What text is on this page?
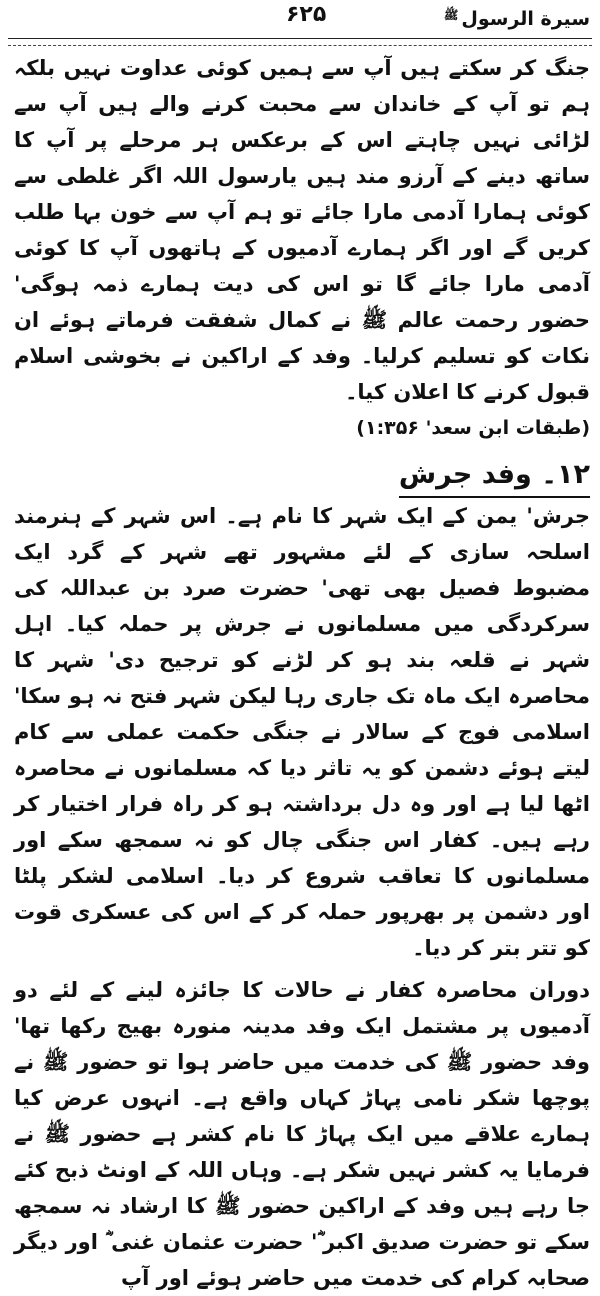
سیرة الرسول
ﷺ
۶۲۵

جنگ کر سکتے ہیں آپ سے ہمیں کوئی عداوت نہیں بلکہ ہم تو آپ کے خاندان سے محبت کرنے والے ہیں آپ سے لڑائی نہیں چاہتے اس کے برعکس ہر مرحلے پر آپ کا ساتھ دینے کے آرزو مند ہیں یارسول اللہ اگر غلطی سے کوئی ہمارا آدمی مارا جائے تو ہم آپ سے خون بہا طلب کریں گے اور اگر ہمارے آدمیوں کے ہاتھوں آپ کا کوئی آدمی مارا جائے گا تو اس کی دیت ہمارے ذمہ ہوگی' حضور رحمت عالم ﷺ نے کمال شفقت فرماتے ہوئے ان نکات کو تسلیم کرلیا۔ وفد کے اراکین نے بخوشی اسلام قبول کرنے کا اعلان کیا۔

(طبقات ابن سعد' ۱:۳۵۶)

۱۲۔ وفد جرش

جرش' یمن کے ایک شہر کا نام ہے۔ اس شہر کے ہنرمند اسلحہ سازی کے لئے مشہور تھے شہر کے گرد ایک مضبوط فصیل بھی تھی' حضرت صرد بن عبداللہ کی سرکردگی میں مسلمانوں نے جرش پر حملہ کیا۔ اہل شہر نے قلعہ بند ہو کر لڑنے کو ترجیح دی' شہر کا محاصرہ ایک ماہ تک جاری رہا لیکن شہر فتح نہ ہو سکا' اسلامی فوج کے سالار نے جنگی حکمت عملی سے کام لیتے ہوئے دشمن کو یہ تاثر دیا کہ مسلمانوں نے محاصرہ اٹھا لیا ہے اور وہ دل برداشتہ ہو کر راہ فرار اختیار کر رہے ہیں۔ کفار اس جنگی چال کو نہ سمجھ سکے اور مسلمانوں کا تعاقب شروع کر دیا۔ اسلامی لشکر پلٹا اور دشمن پر بھرپور حملہ کر کے اس کی عسکری قوت کو تتر بتر کر دیا۔

دوران محاصرہ کفار نے حالات کا جائزہ لینے کے لئے دو آدمیوں پر مشتمل ایک وفد مدینہ منورہ بھیج رکھا تھا' وفد حضور ﷺ کی خدمت میں حاضر ہوا تو حضور ﷺ نے پوچھا شکر نامی پہاڑ کہاں واقع ہے۔ انہوں عرض کیا ہمارے علاقے میں ایک پہاڑ کا نام کشر ہے حضور ﷺ نے فرمایا یہ کشر نہیں شکر ہے۔ وہاں اللہ کے اونٹ ذبح کئے جا رہے ہیں وفد کے اراکین حضور ﷺ کا ارشاد نہ سمجھ سکے تو حضرت صدیق اکبر ؓ' حضرت عثمان غنی ؓ اور دیگر صحابہ کرام کی خدمت میں حاضر ہوئے اور آپ
